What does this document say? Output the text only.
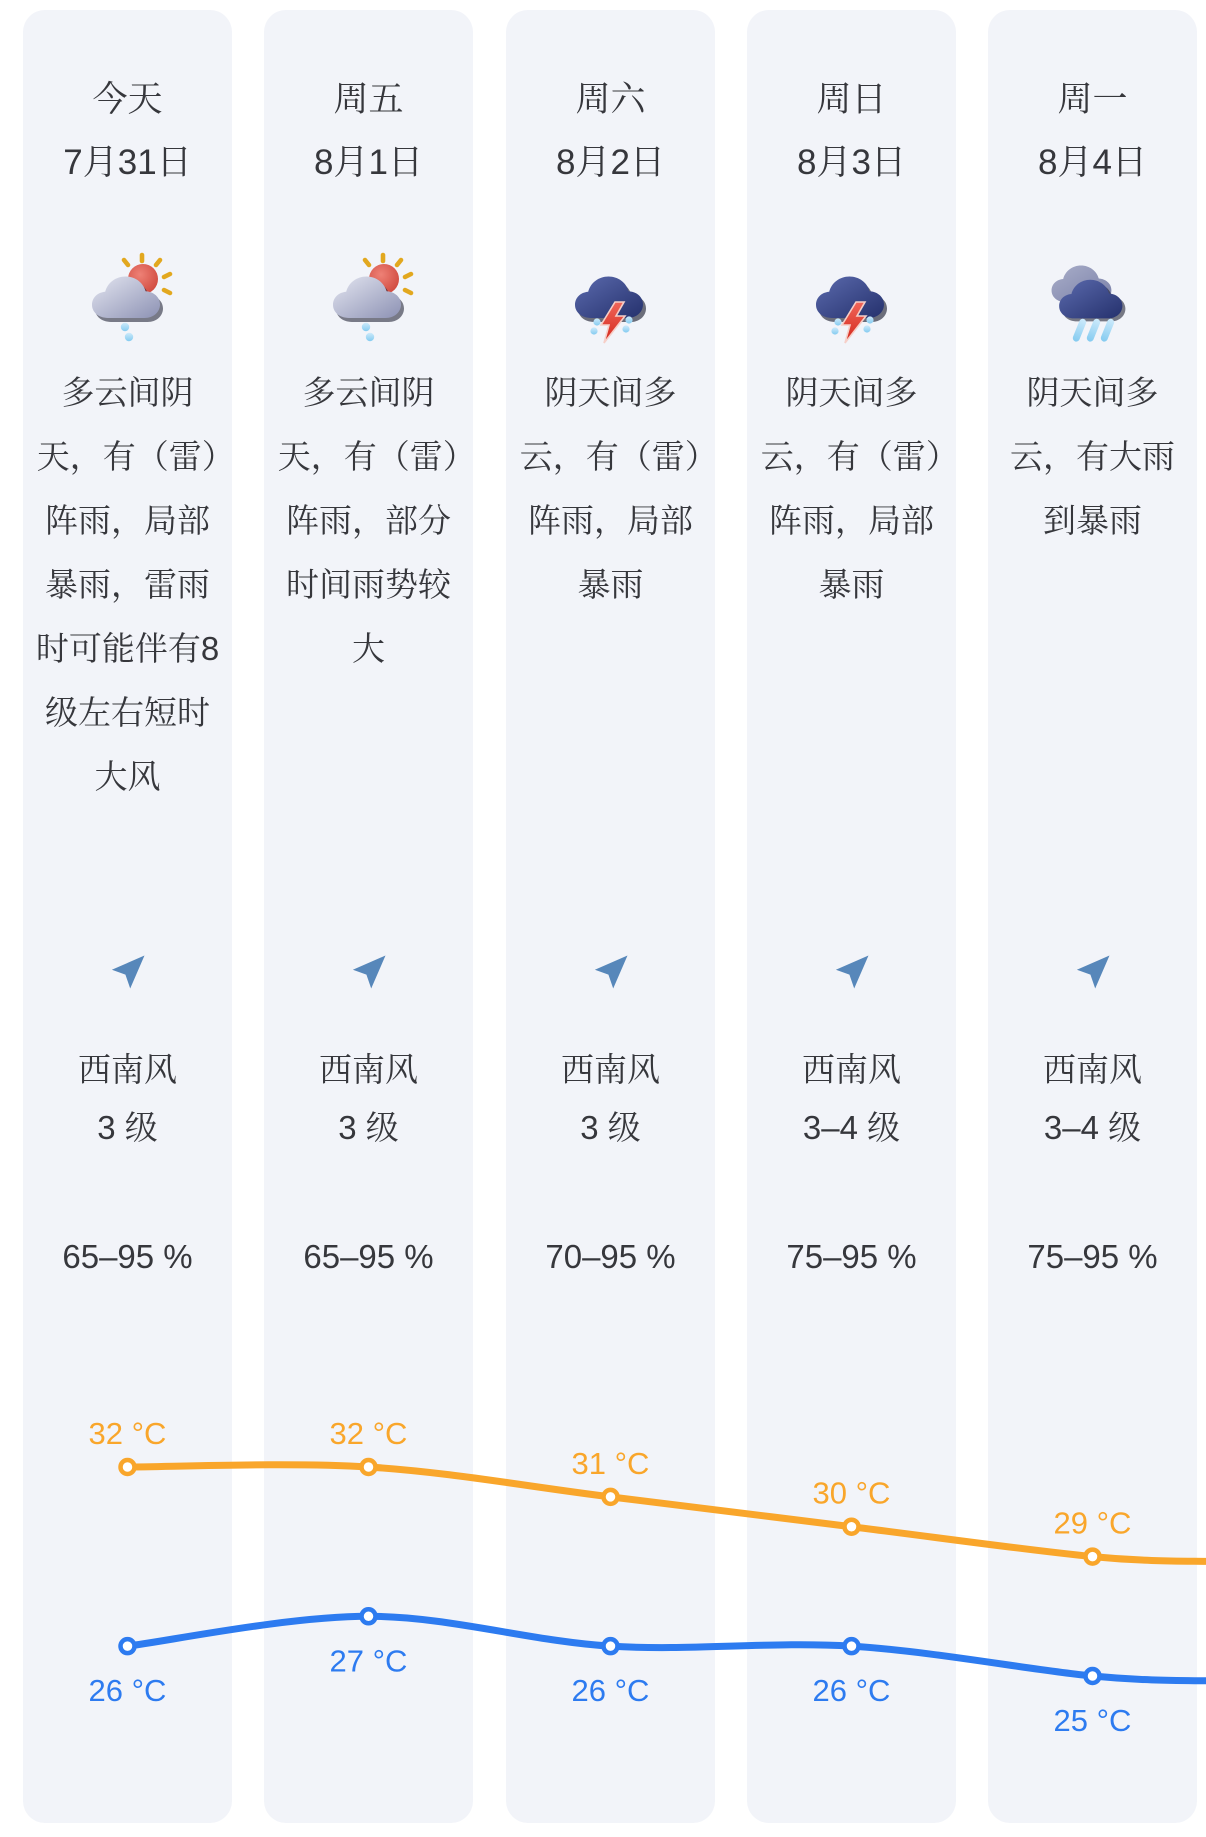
今天
7月31日
多云间阴天，有（雷）阵雨，局部暴雨，雷雨时可能伴有8级左右短时大风
西南风
3 级
65–95 %
周五
8月1日
多云间阴天，有（雷）阵雨，部分时间雨势较大
西南风
3 级
65–95 %
周六
8月2日
阴天间多云，有（雷）阵雨，局部暴雨
西南风
3 级
70–95 %
周日
8月3日
阴天间多云，有（雷）阵雨，局部暴雨
西南风
3–4 级
75–95 %
周一
8月4日
阴天间多云，有大雨到暴雨
西南风
3–4 级
75–95 %
32 °C	32 °C
31 °C
30 °C
29 °C
26 °C
27 °C
26 °C	26 °C
25 °C
